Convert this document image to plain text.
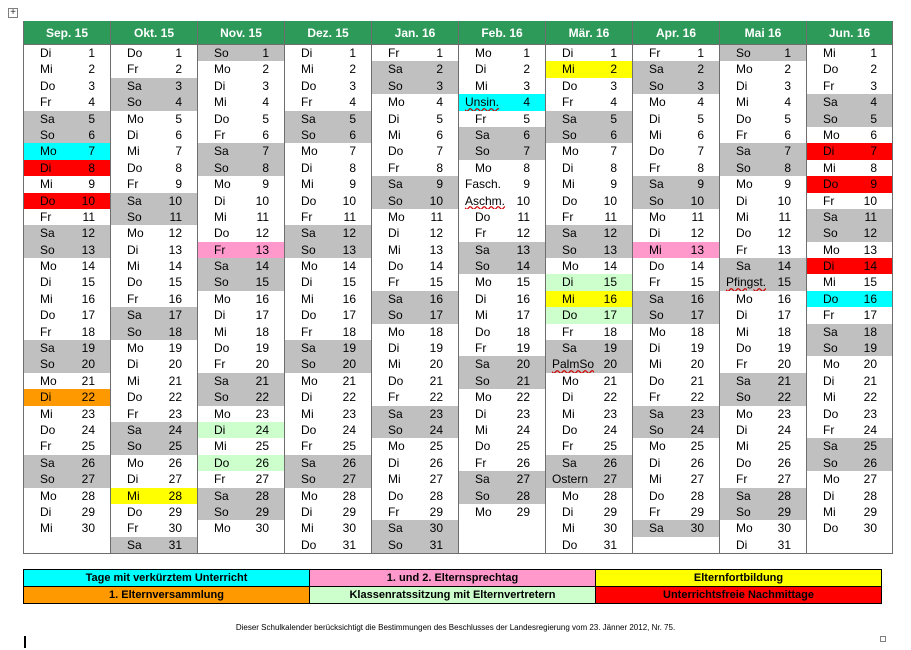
+
Sep. 15
Di	1
Mi	2
Do	3
Fr	4
Sa	5
So	6
Mo	7
Di	8
Mi	9
Do 10
Fr	11
Sa 12
So 13
Mo 14
Di	15
Mi 16
Do 17
Fr	18
Sa 19
So 20
Mo 21
Di	22
Mi 23
Do 24
Fr	25
Sa 26
So 27
Mo 28
Di	29
Mi 30

Okt. 15
Do	1
Fr	2
Sa	3
So	4
Mo	5
Di	6
Mi	7
Do	8
Fr	9
Sa 10
So 11
Mo 12
Di	13
Mi 14
Do 15
Fr	16
Sa 17
So 18
Mo 19
Di	20
Mi 21
Do 22
Fr	23
Sa 24
So 25
Mo 26
Di	27
Mi 28
Do 29
Fr	30
Sa 31

Nov. 15
So	1
Mo	2
Di	3
Mi	4
Do	5
Fr	6
Sa	7
So	8
Mo	9
Di	10
Mi 11
Do 12
Fr	13
Sa 14
So 15
Mo 16
Di	17
Mi 18
Do 19
Fr	20
Sa 21
So 22
Mo 23
Di	24
Mi 25
Do 26
Fr	27
Sa 28
So 29
Mo 30

Dez. 15
Di	1
Mi	2
Do	3
Fr	4
Sa	5
So	6
Mo	7
Di	8
Mi	9
Do 10
Fr	11
Sa 12
So 13
Mo 14
Di	15
Mi 16
Do 17
Fr	18
Sa 19
So 20
Mo 21
Di	22
Mi 23
Do 24
Fr	25
Sa 26
So 27
Mo 28
Di	29
Mi 30
Do 31

Jan. 16
Fr	1
Sa	2
So	3
Mo	4
Di	5
Mi	6
Do	7
Fr	8
Sa	9
So 10
Mo 11
Di	12
Mi 13
Do 14
Fr	15
Sa 16
So 17
Mo 18
Di	19
Mi 20
Do 21
Fr	22
Sa 23
So 24
Mo 25
Di	26
Mi 27
Do 28
Fr	29
Sa 30
So 31

Feb. 16
Mo	1
Di	2
Mi	3
Unsin. 4
Fr	5
Sa	6
So	7
Mo	8
Fasch. 9
Aschm. 10
Do 11
Fr	12
Sa 13
So 14
Mo 15
Di	16
Mi 17
Do 18
Fr	19
Sa 20
So 21
Mo 22
Di	23
Mi 24
Do 25
Fr	26
Sa 27
So 28
Mo 29

Mär. 16
Di	1
Mi	2
Do	3
Fr	4
Sa	5
So	6
Mo	7
Di	8
Mi	9
Do 10
Fr	11
Sa 12
So 13
Mo 14
Di	15
Mi 16
Do 17
Fr	18
Sa 19
PalmSo 20
Mo 21
Di	22
Mi 23
Do 24
Fr	25
Sa 26
Ostern 27
Mo 28
Di	29
Mi 30
Do 31

Apr. 16
Fr	1
Sa	2
So	3
Mo	4
Di	5
Mi	6
Do	7
Fr	8
Sa	9
So 10
Mo 11
Di	12
Mi 13
Do 14
Fr	15
Sa 16
So 17
Mo 18
Di	19
Mi 20
Do 21
Fr	22
Sa 23
So 24
Mo 25
Di	26
Mi 27
Do 28
Fr	29
Sa 30

Mai 16
So	1
Mo	2
Di	3
Mi	4
Do	5
Fr	6
Sa	7
So	8
Mo	9
Di	10
Mi 11
Do 12
Fr	13
Sa 14
Pfingst. 15
Mo 16
Di	17
Mi 18
Do 19
Fr	20
Sa 21
So 22
Mo 23
Di	24
Mi 25
Do 26
Fr	27
Sa 28
So 29
Mo 30
Di	31

Jun. 16
Mi	1
Do	2
Fr	3
Sa	4
So	5
Mo	6
Di	7
Mi	8
Do	9
Fr 10
Sa 11
So 12
Mo 13
Di 14
Mi 15
Do 16
Fr 17
Sa 18
So 19
Mo 20
Di 21
Mi 22
Do 23
Fr 24
Sa 25
So 26
Mo 27
Di 28
Mi 29
Do 30
Tage mit verkürztem Unterricht	1. und 2. Elternsprechtag	Elternfortbildung
1. Elternversammlung	Klassenratssitzung mit Elternvertretern	Unterrichtsfreie Nachmittage
Dieser Schulkalender berücksichtigt die Bestimmungen des Beschlusses der Landesregierung vom 23. Jänner 2012, Nr. 75.
